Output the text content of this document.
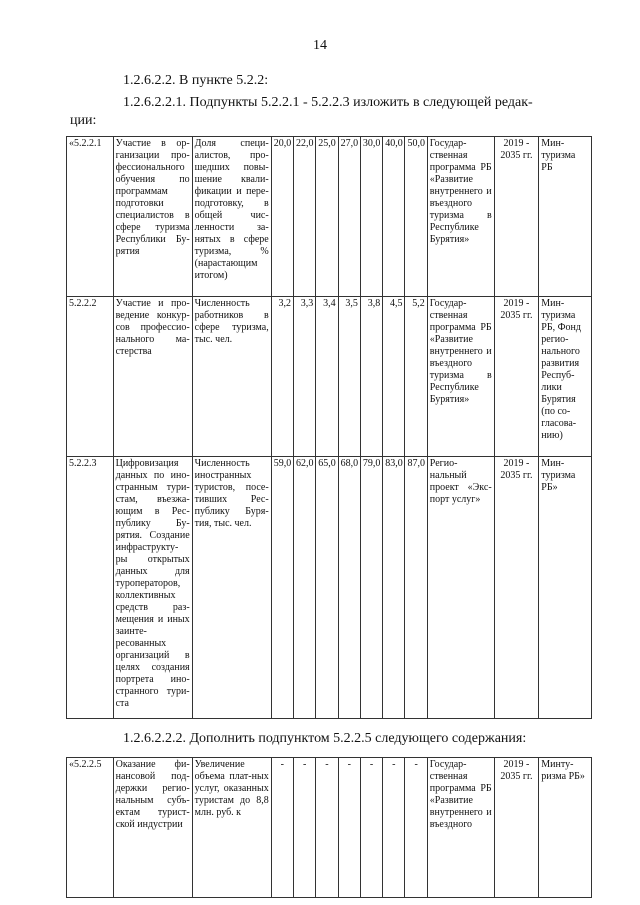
14
1.2.6.2.2. В пункте 5.2.2:
1.2.6.2.2.1. Подпункты 5.2.2.1 - 5.2.2.3 изложить в следующей редак-
ции:
«5.2.2.1	Участие в ор-ганизации про-фессионального обучения по программам подготовки специалистов в сфере туризма Республики Бу-рятия	Доля специ-алистов, про-шедших повы-шение квали-фикации и пере-подготовку, в общей чис-ленности за-нятых в сфере туризма, % (нарастающим итогом)	20,0	22,0	25,0	27,0	30,0	40,0	50,0	Государ-ственная программа РБ «Развитие внутреннего и въездного туризма в Республике Бурятия»	2019 - 2035 гг.	Мин-туризма РБ
5.2.2.2	Участие и про-ведение конкур-сов профессио-нального ма-стерства	Численность работников в сфере туризма, тыс. чел.	3,2	3,3	3,4	3,5	3,8	4,5	5,2	Государ-ственная программа РБ «Развитие внутреннего и въездного туризма в Республике Бурятия»	2019 - 2035 гг.	Мин-туризма РБ, Фонд регио-нального развития Респуб-лики Бурятия (по со-гласова-нию)
5.2.2.3	Цифровизация данных по ино-странным тури-стам, въезжа-ющим в Рес-публику Бу-рятия. Создание инфраструкту-ры открытых данных для туроператоров, коллективных средств раз-мещения и иных заинте-ресованных организаций в целях создания портрета ино-странного тури-ста	Численность иностранных туристов, посе-тивших Рес-публику Буря-тия, тыс. чел.	59,0	62,0	65,0	68,0	79,0	83,0	87,0	Регио-нальный проект «Экс-порт услуг»	2019 - 2035 гг.	Мин-туризма РБ»
1.2.6.2.2.2. Дополнить подпунктом 5.2.2.5 следующего содержания:
«5.2.2.5	Оказание фи-нансовой под-держки регио-нальным субъ-ектам турист-ской индустрии	Увеличение объема плат-ных услуг, оказанных туристам до 8,8 млн. руб. к	-	-	-	-	-	-	-	Государ-ственная программа РБ «Развитие внутреннего и въездного	2019 - 2035 гг.	Минту-ризма РБ»
